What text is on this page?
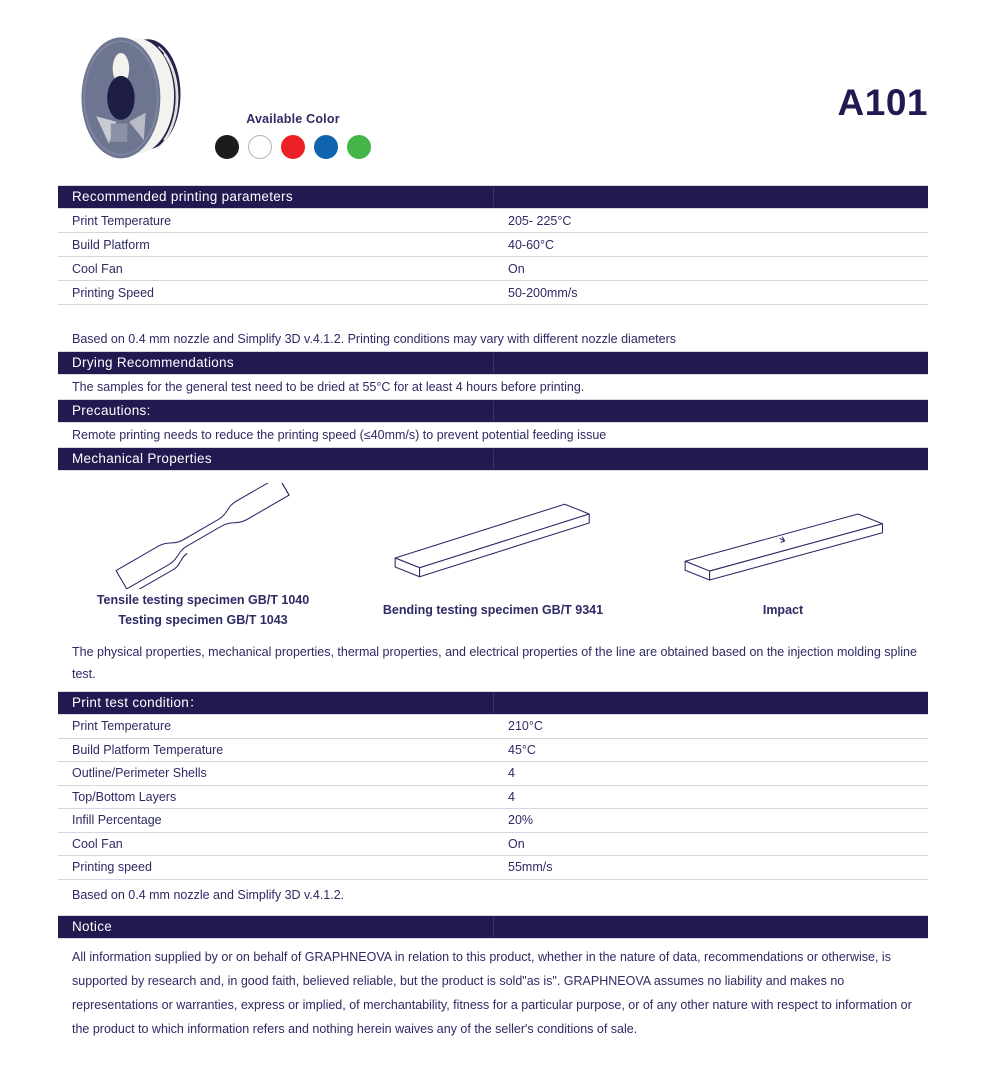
Available Color	A101
Recommended printing parameters
Print Temperature	205- 225°C
Build Platform	40-60°C
Cool Fan	On
Printing Speed	50-200mm/s
Based on 0.4 mm nozzle and Simplify 3D v.4.1.2. Printing conditions may vary with different nozzle diameters
Drying Recommendations
The samples for the general test need to be dried at 55°C for at least 4 hours before printing.
Precautions:
Remote printing needs to reduce the printing speed (≤40mm/s) to prevent potential feeding issue
Mechanical Properties
Tensile testing specimen GB/T 1040
Testing specimen GB/T 1043
Bending testing specimen GB/T 9341	Impact
The physical properties, mechanical properties, thermal properties, and electrical properties of the line are obtained based on the injection molding spline test.
Print test condition：
Print Temperature	210°C
Build Platform Temperature	45°C
Outline/Perimeter Shells	4
Top/Bottom Layers	4
Infill Percentage	20%
Cool Fan	On
Printing speed	55mm/s
Based on 0.4 mm nozzle and Simplify 3D v.4.1.2.
Notice
All information supplied by or on behalf of GRAPHNEOVA in relation to this product, whether in the nature of data, recommendations or otherwise, is supported by research and, in good faith, believed reliable, but the product is sold"as is". GRAPHNEOVA assumes no liability and makes no representations or warranties, express or implied, of merchantability, fitness for a particular purpose, or of any other nature with respect to information or the product to which information refers and nothing herein waives any of the seller's conditions of sale.
